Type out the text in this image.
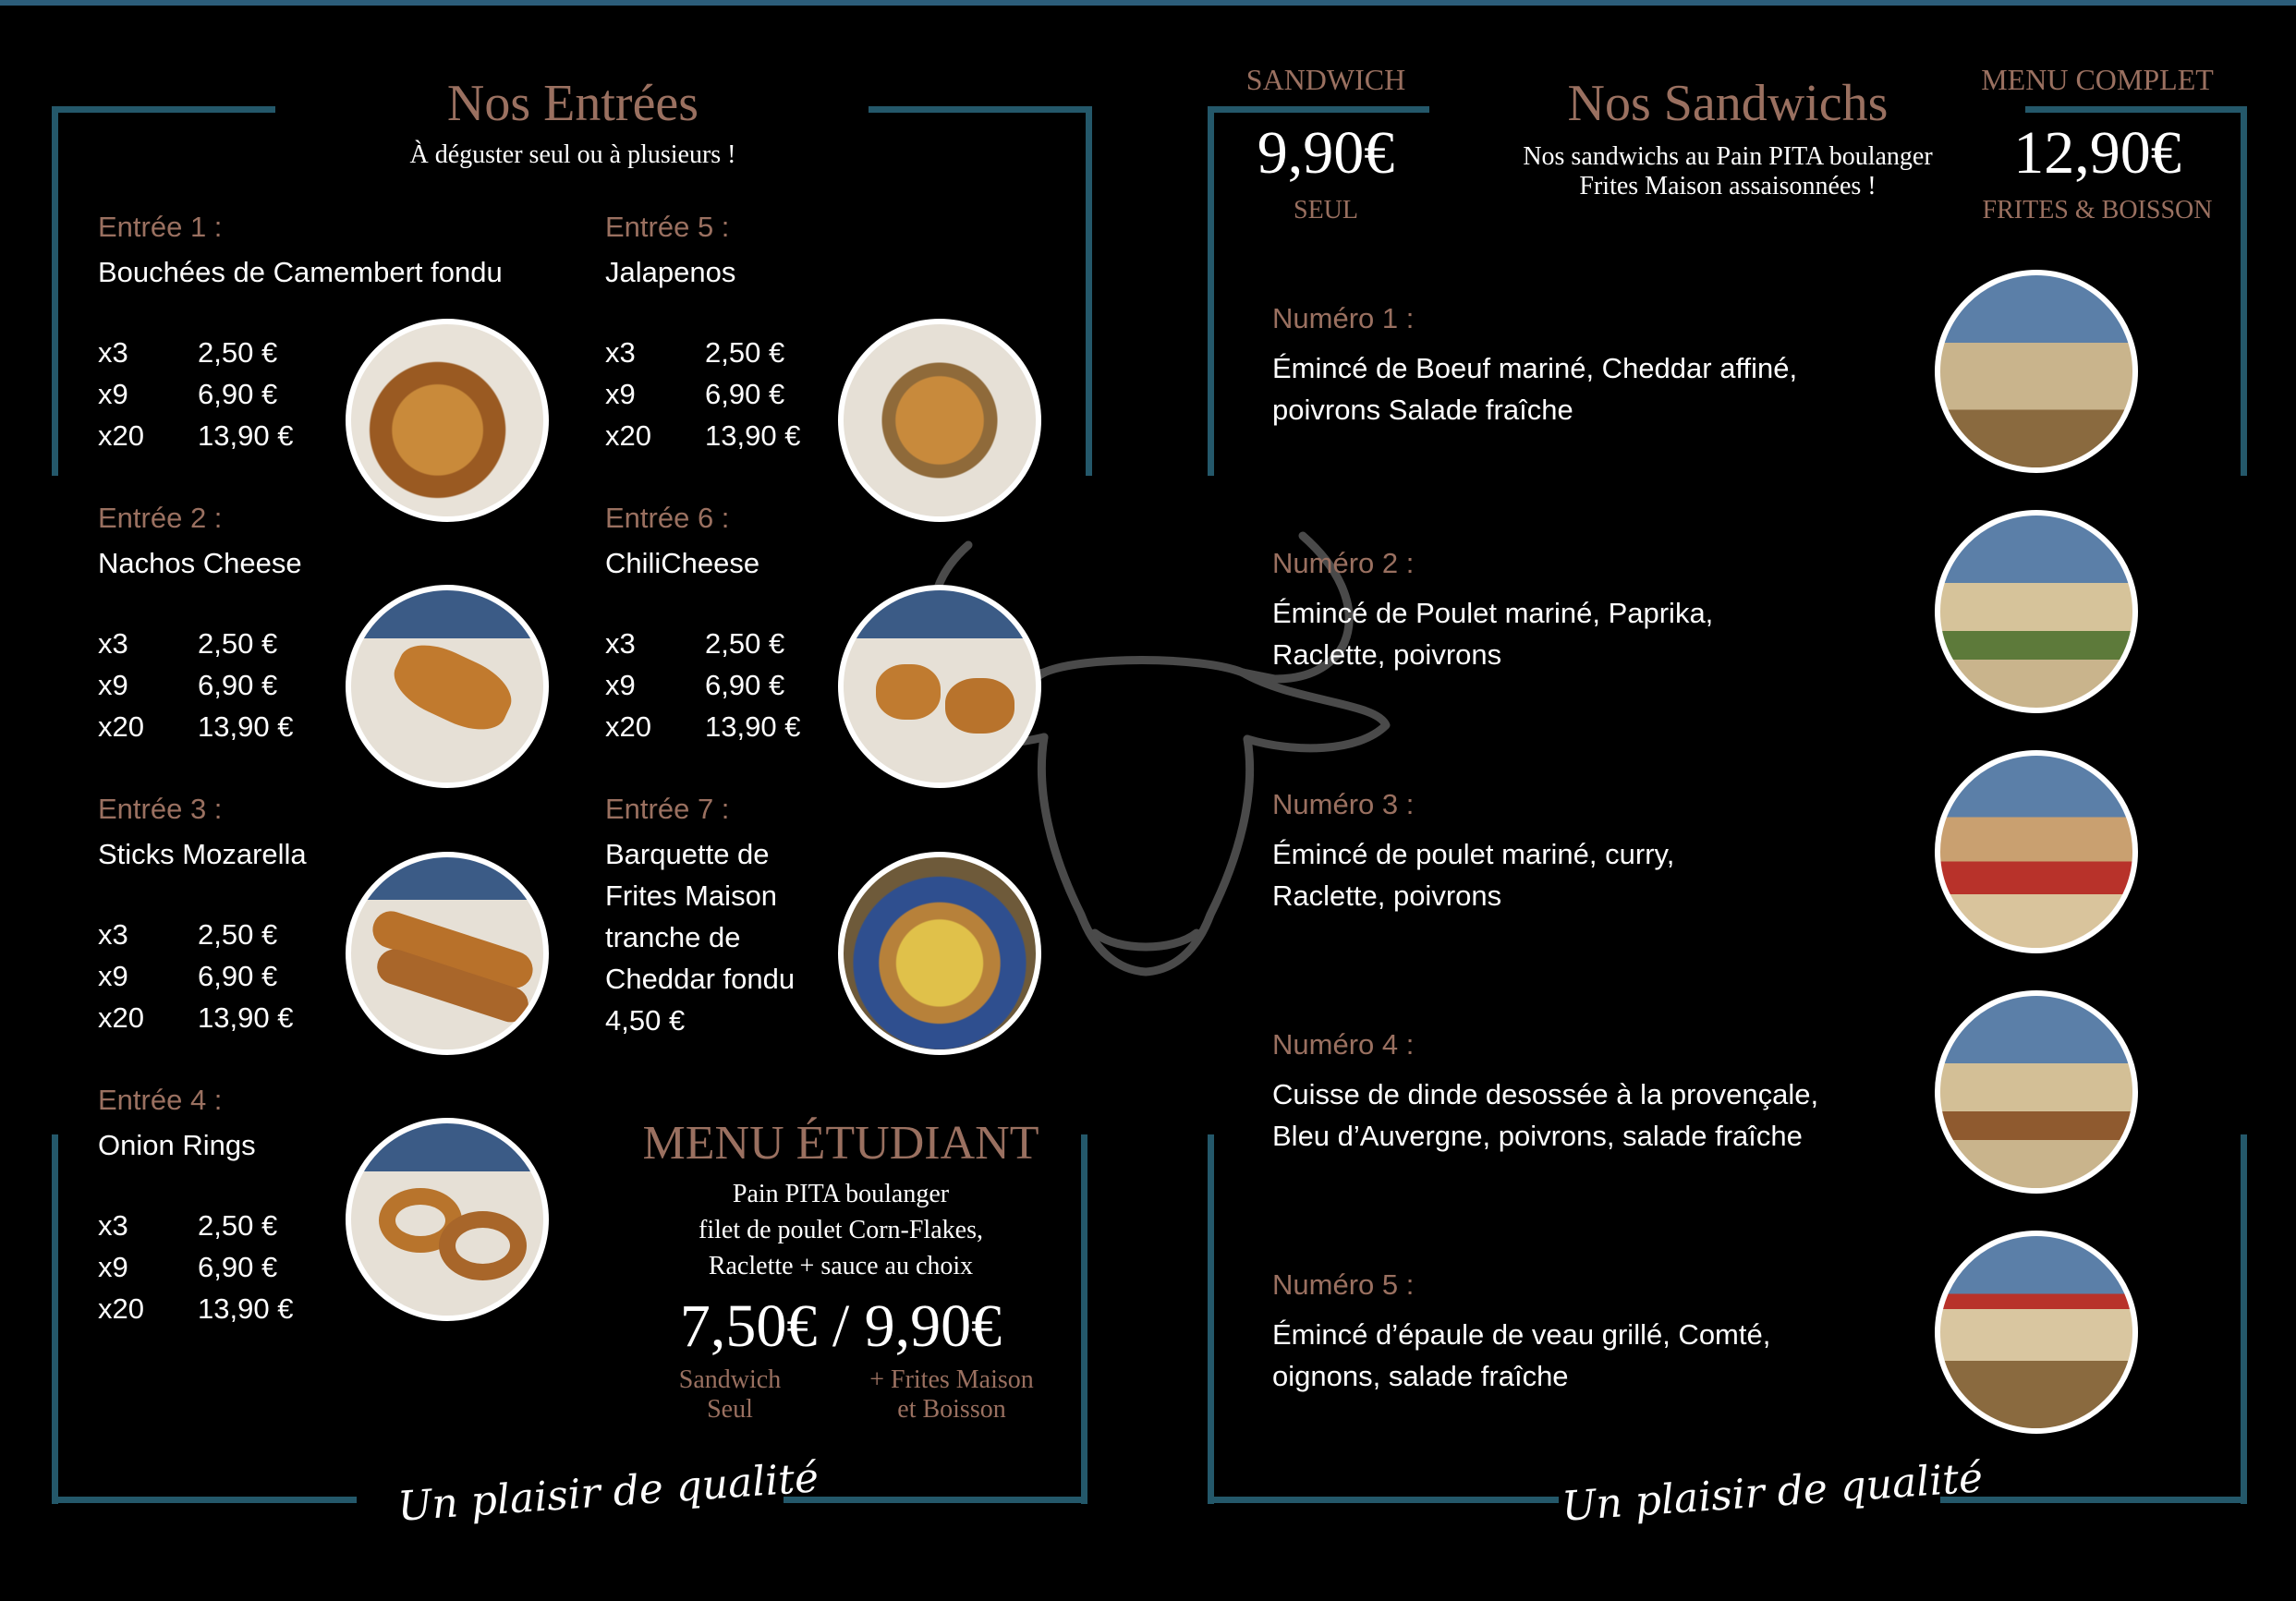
Nos Entrées
À déguster seul ou à plusieurs !
Entrée 1 :
Bouchées de Camembert fondu
x3 2,50 €
x9 6,90 €
x20 13,90 €
Entrée 2 :
Nachos Cheese
x3 2,50 €
x9 6,90 €
x20 13,90 €
Entrée 3 :
Sticks Mozarella
x3 2,50 €
x9 6,90 €
x20 13,90 €
Entrée 4 :
Onion Rings
x3 2,50 €
x9 6,90 €
x20 13,90 €
Entrée 5 :
Jalapenos
x3 2,50 €
x9 6,90 €
x20 13,90 €
Entrée 6 :
ChiliCheese
x3 2,50 €
x9 6,90 €
x20 13,90 €
Entrée 7 :
Barquette de
Frites Maison
tranche de
Cheddar fondu
4,50 €
MENU ÉTUDIANT
Pain PITA boulanger
filet de poulet Corn-Flakes,
Raclette + sauce au choix
7,50€ / 9,90€
Sandwich
Seul
+ Frites Maison
et Boisson
Un plaisir de qualité
SANDWICH
9,90€
SEUL
Nos Sandwichs
Nos sandwichs au Pain PITA boulanger
Frites Maison assaisonnées !
MENU COMPLET
12,90€
FRITES & BOISSON
Numéro 1 :
Émincé de Boeuf mariné, Cheddar affiné,
poivrons Salade fraîche
Numéro 2 :
Émincé de Poulet mariné, Paprika,
Raclette, poivrons
Numéro 3 :
Émincé de poulet mariné, curry,
Raclette, poivrons
Numéro 4 :
Cuisse de dinde desossée à la provençale,
Bleu d’Auvergne, poivrons, salade fraîche
Numéro 5 :
Émincé d’épaule de veau grillé, Comté,
oignons, salade fraîche
Un plaisir de qualité
